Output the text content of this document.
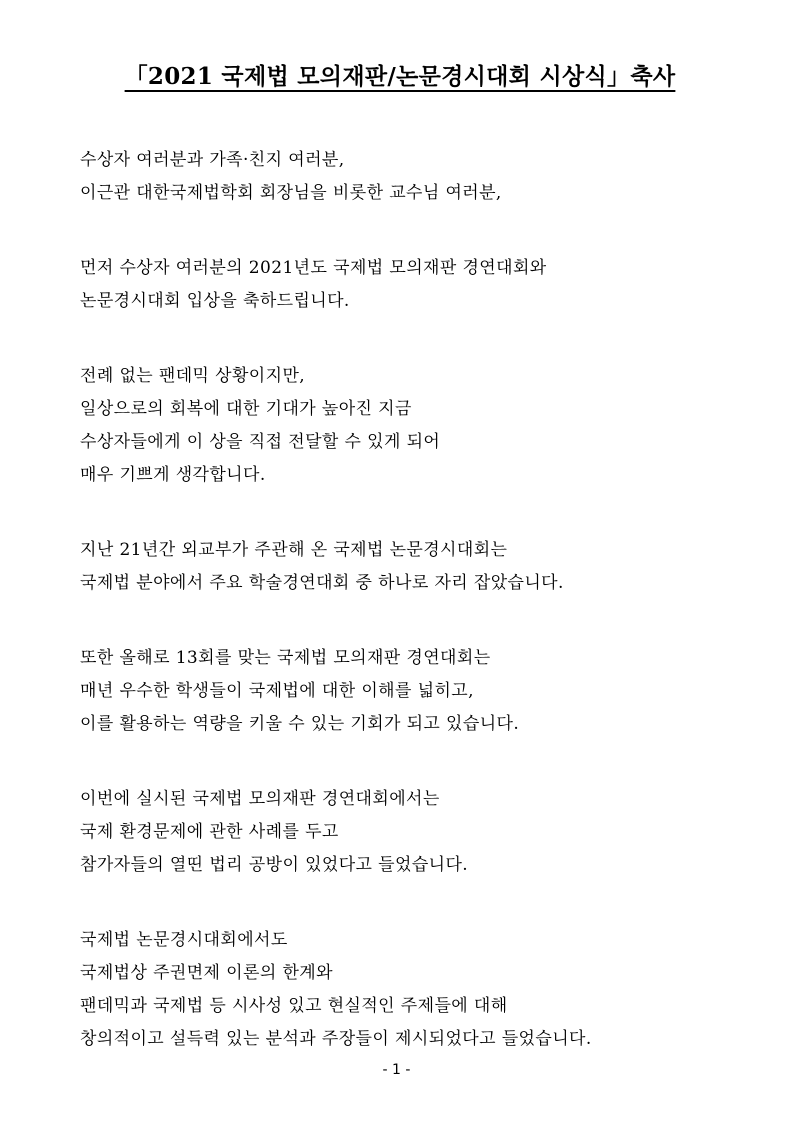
「2021 국제법 모의재판/논문경시대회 시상식」축사
수상자 여러분과 가족·친지 여러분,
이근관 대한국제법학회 회장님을 비롯한 교수님 여러분,
먼저 수상자 여러분의 2021년도 국제법 모의재판 경연대회와
논문경시대회 입상을 축하드립니다.
전례 없는 팬데믹 상황이지만,
일상으로의 회복에 대한 기대가 높아진 지금
수상자들에게 이 상을 직접 전달할 수 있게 되어
매우 기쁘게 생각합니다.
지난 21년간 외교부가 주관해 온 국제법 논문경시대회는
국제법 분야에서 주요 학술경연대회 중 하나로 자리 잡았습니다.
또한 올해로 13회를 맞는 국제법 모의재판 경연대회는
매년 우수한 학생들이 국제법에 대한 이해를 넓히고,
이를 활용하는 역량을 키울 수 있는 기회가 되고 있습니다.
이번에 실시된 국제법 모의재판 경연대회에서는
국제 환경문제에 관한 사례를 두고
참가자들의 열띤 법리 공방이 있었다고 들었습니다.
국제법 논문경시대회에서도
국제법상 주권면제 이론의 한계와
팬데믹과 국제법 등 시사성 있고 현실적인 주제들에 대해
창의적이고 설득력 있는 분석과 주장들이 제시되었다고 들었습니다.
- 1 -
